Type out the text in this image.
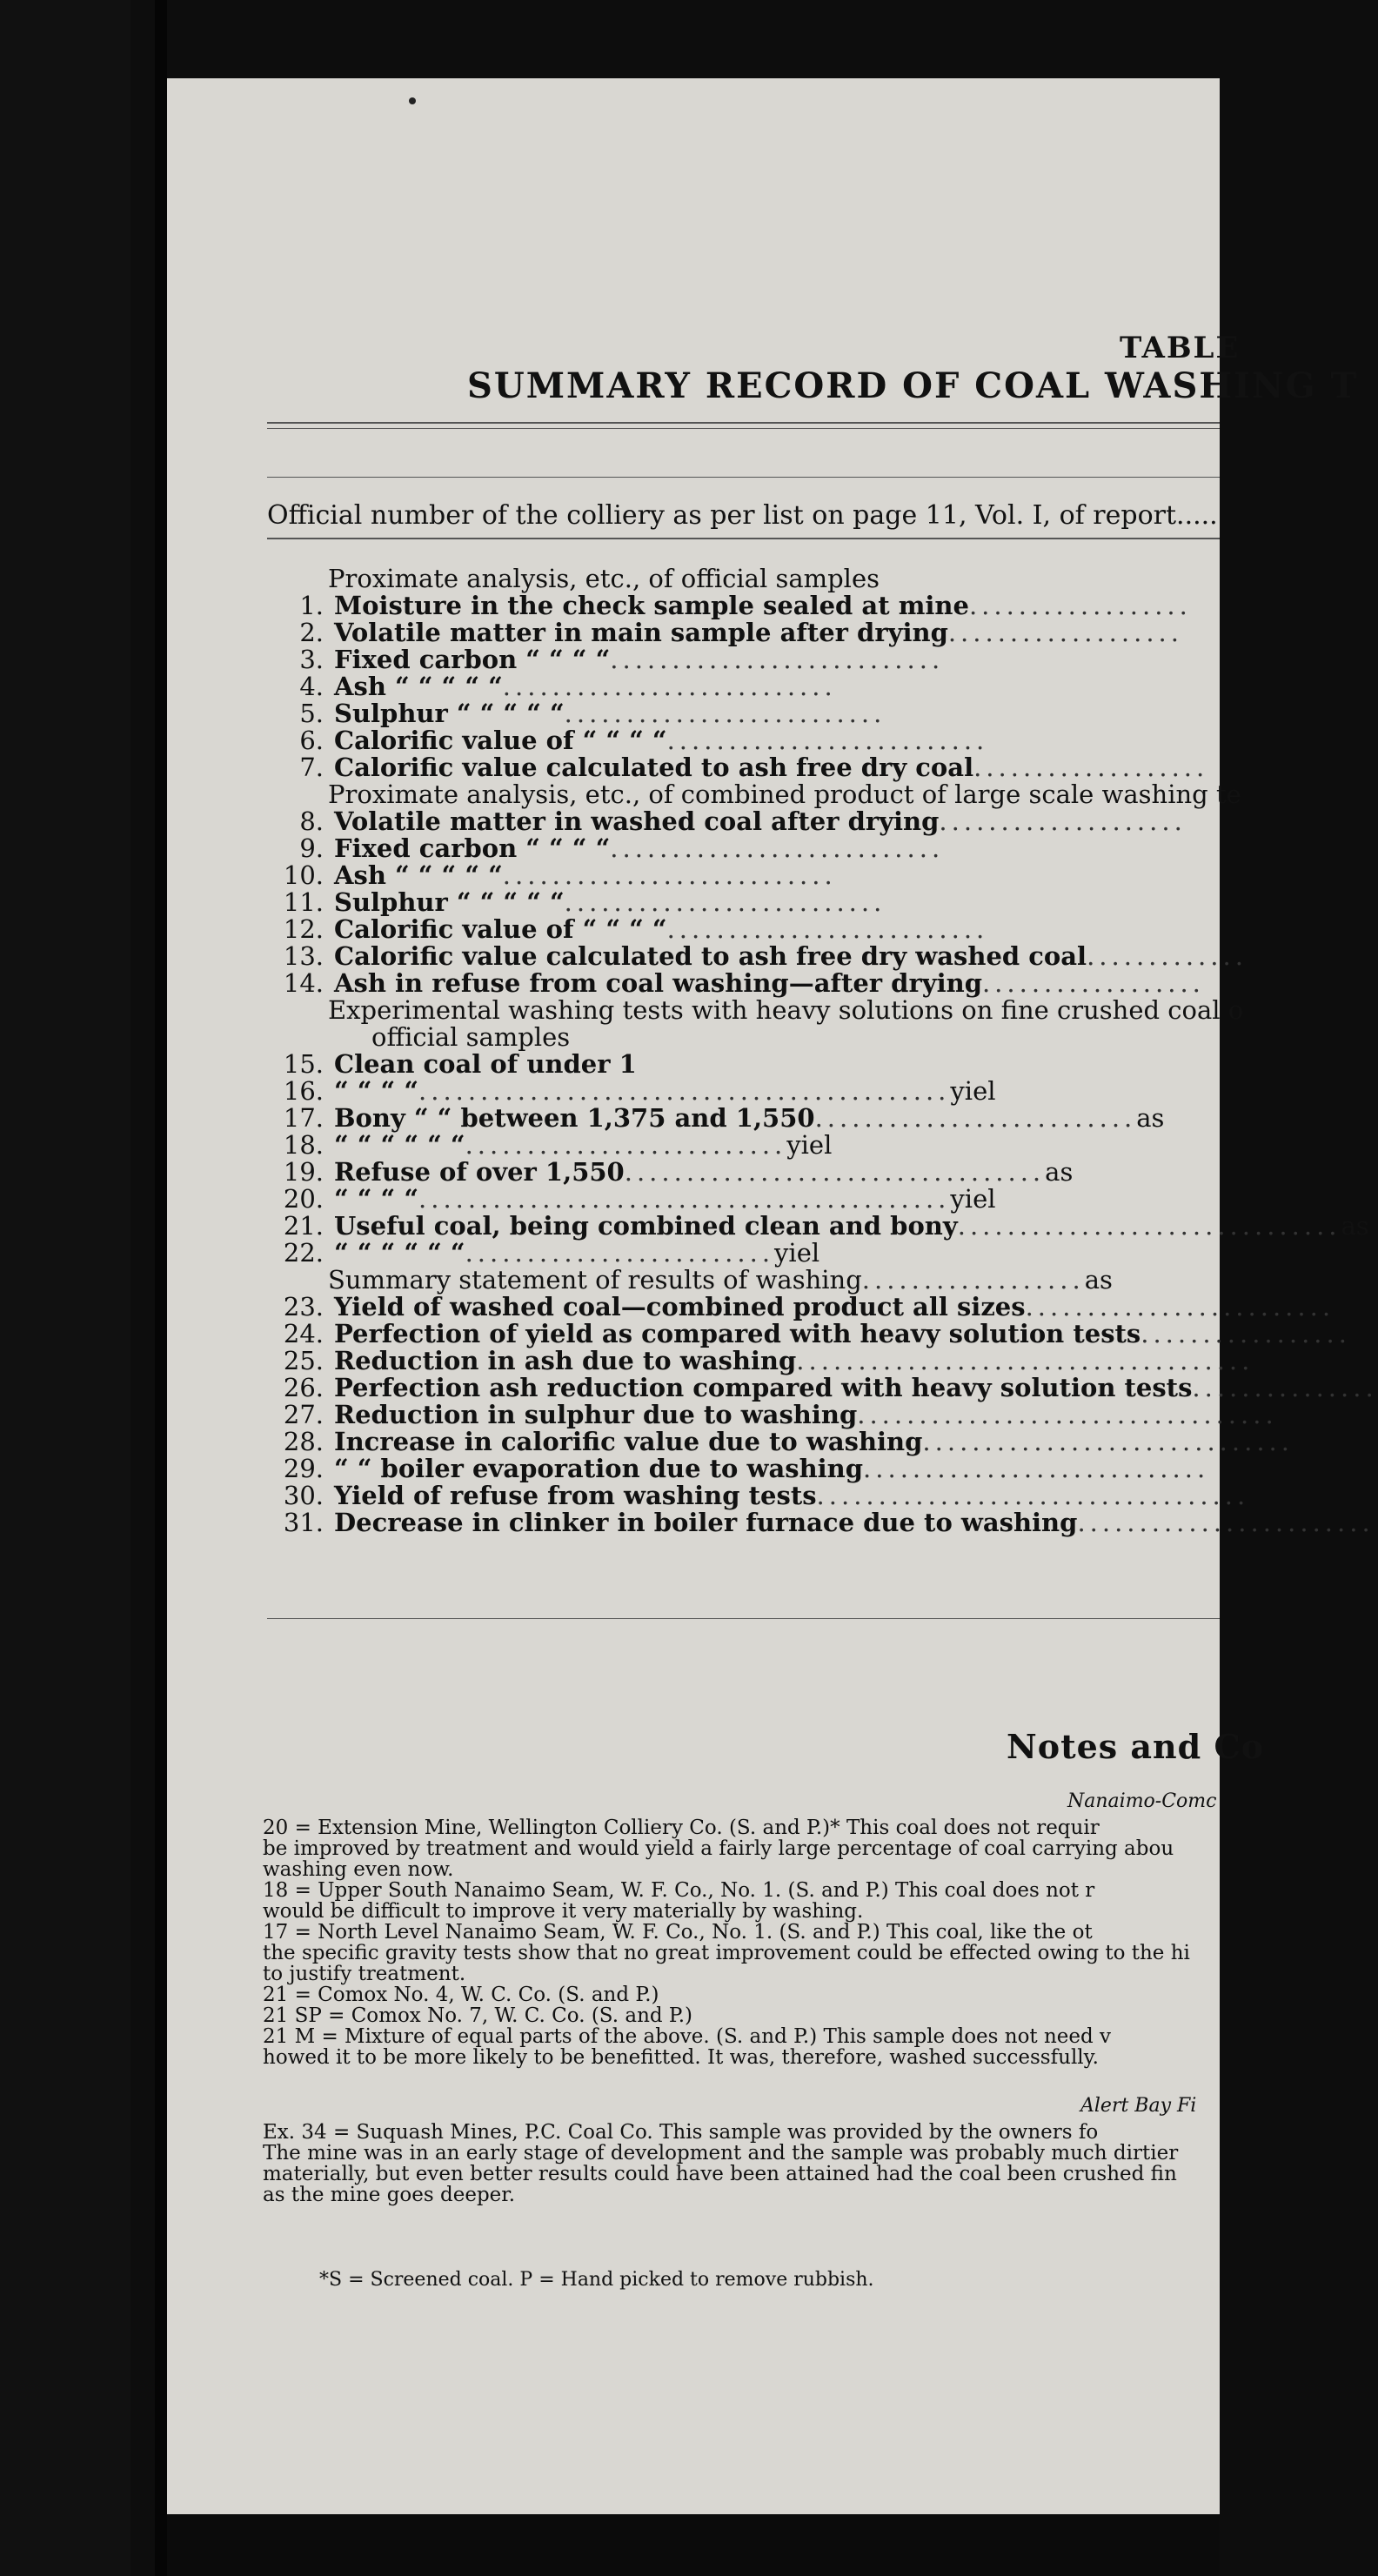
TABLE
SUMMARY RECORD OF COAL WASHING T
Official number of the colliery as per list on page 11, Vol. I, of report.....
Proximate analysis, etc., of official samples
1. Moisture in the check sample sealed at mine..................
2. Volatile matter in main sample after drying...................
3. Fixed carbon “ “ “ “...........................
4. Ash “ “ “ “ “...........................
5. Sulphur “ “ “ “ “..........................
6. Calorific value of “ “ “ “..........................
7. Calorific value calculated to ash free dry coal...................
Proximate analysis, etc., of combined product of large scale washing te
8. Volatile matter in washed coal after drying....................
9. Fixed carbon “ “ “ “...........................
10. Ash “ “ “ “ “...........................
11. Sulphur “ “ “ “ “..........................
12. Calorific value of “ “ “ “..........................
13. Calorific value calculated to ash free dry washed coal.............
14. Ash in refuse from coal washing—after drying..................
Experimental washing tests with heavy solutions on fine crushed coal o
official samples
15. Clean coal of under 1
16. “ “ “ “...........................................yiel
17. Bony “ “ between 1,375 and 1,550..........................as
18. “ “ “ “ “ “..........................yiel
19. Refuse of over 1,550..................................as
20. “ “ “ “...........................................yiel
21. Useful coal, being combined clean and bony...............................as
22. “ “ “ “ “ “.........................yiel
Summary statement of results of washing..................as
23. Yield of washed coal—combined product all sizes.........................
24. Perfection of yield as compared with heavy solution tests.................
25. Reduction in ash due to washing.....................................
26. Perfection ash reduction compared with heavy solution tests...............
27. Reduction in sulphur due to washing..................................
28. Increase in calorific value due to washing..............................
29. “ “ boiler evaporation due to washing............................
30. Yield of refuse from washing tests...................................
31. Decrease in clinker in boiler furnace due to washing........................
Notes and Co
Nanaimo-Comc
20 = Extension Mine, Wellington Colliery Co. (S. and P.)* This coal does not requir
be improved by treatment and would yield a fairly large percentage of coal carrying abou
washing even now.
18 = Upper South Nanaimo Seam, W. F. Co., No. 1. (S. and P.) This coal does not r
would be difficult to improve it very materially by washing.
17 = North Level Nanaimo Seam, W. F. Co., No. 1. (S. and P.) This coal, like the ot
the specific gravity tests show that no great improvement could be effected owing to the hi
to justify treatment.
21 = Comox No. 4, W. C. Co. (S. and P.)
21 SP = Comox No. 7, W. C. Co. (S. and P.)
21 M = Mixture of equal parts of the above. (S. and P.) This sample does not need v
howed it to be more likely to be benefitted. It was, therefore, washed successfully.
Alert Bay Fi
Ex. 34 = Suquash Mines, P.C. Coal Co. This sample was provided by the owners fo
The mine was in an early stage of development and the sample was probably much dirtier
materially, but even better results could have been attained had the coal been crushed fin
as the mine goes deeper.
*S = Screened coal. P = Hand picked to remove rubbish.
